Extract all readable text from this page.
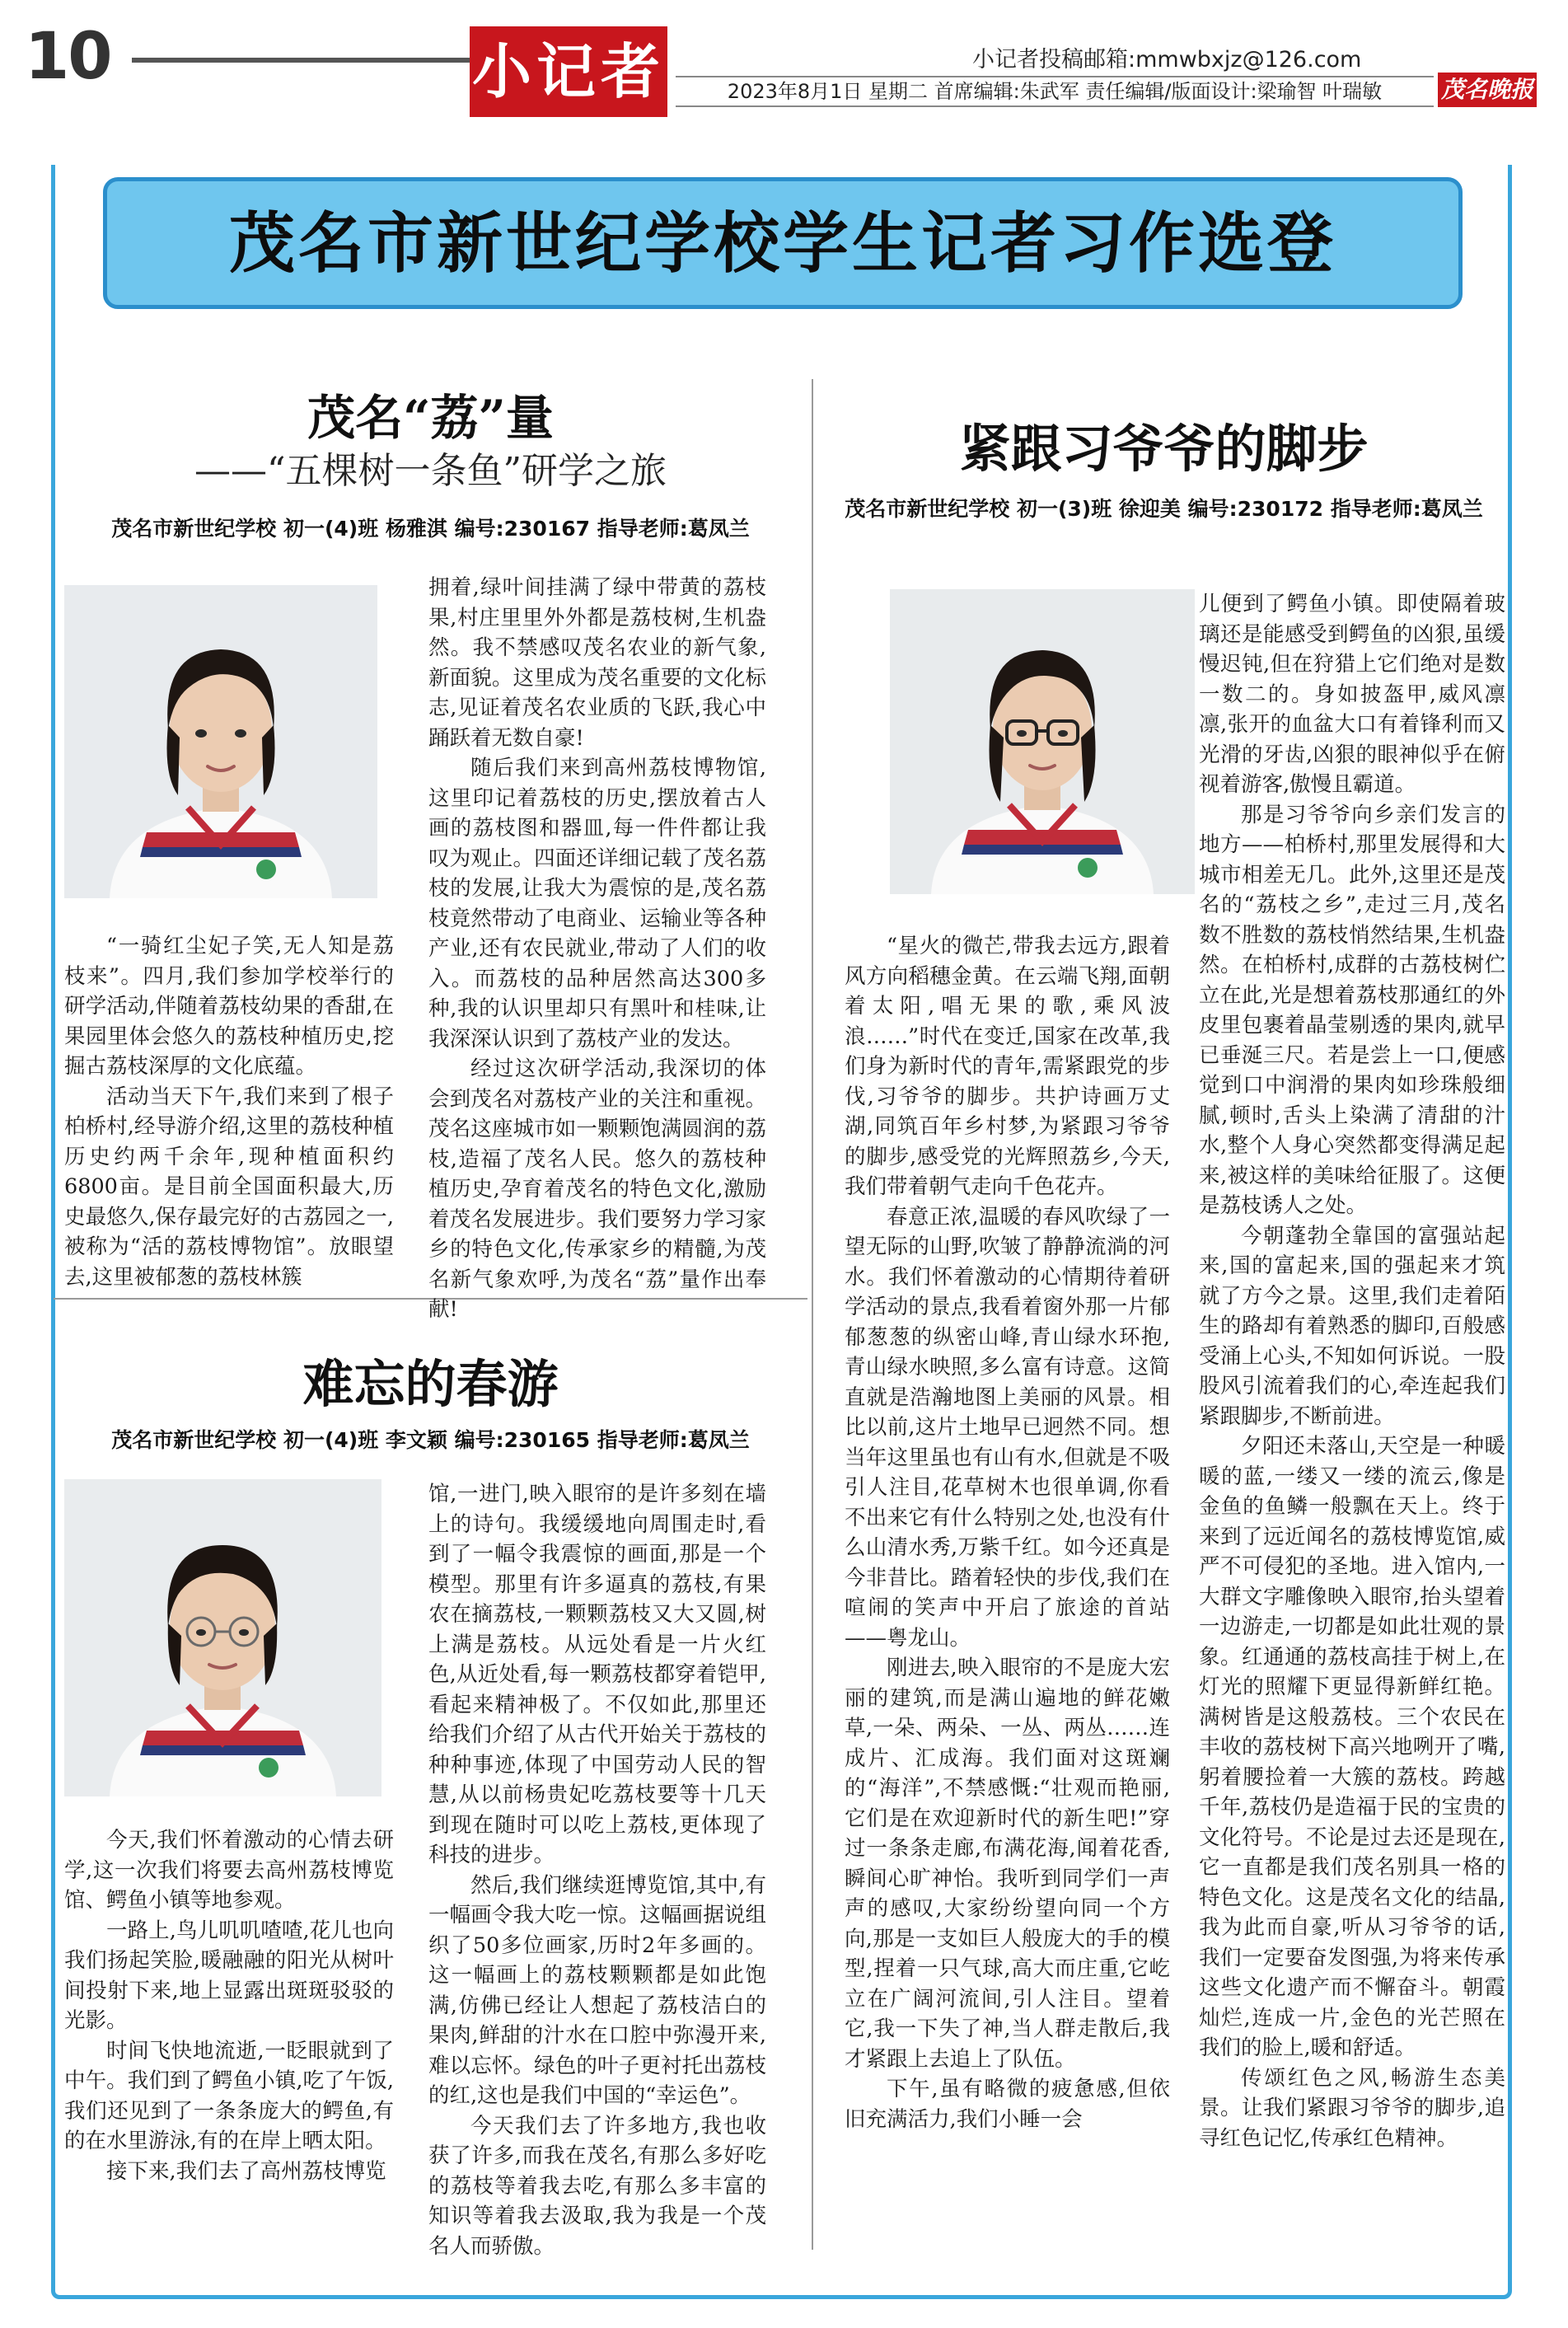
10	小记者	小记者投稿邮箱:mmwbxjz@126.com
2023年8月1日 星期二 首席编辑:朱武军 责任编辑/版面设计:梁瑜智 叶瑞敏	茂名晚报
茂名市新世纪学校学生记者习作选登
茂名“荔”量
——“五棵树一条鱼”研学之旅
茂名市新世纪学校 初一(4)班 杨雅淇 编号:230167 指导老师:葛凤兰

“一骑红尘妃子笑,无人知是荔枝来”。四月,我们参加学校举行的研学活动,伴随着荔枝幼果的香甜,在果园里体会悠久的荔枝种植历史,挖掘古荔枝深厚的文化底蕴。

活动当天下午,我们来到了根子柏桥村,经导游介绍,这里的荔枝种植历史约两千余年,现种植面积约6800亩。是目前全国面积最大,历史最悠久,保存最完好的古荔园之一,被称为“活的荔枝博物馆”。放眼望去,这里被郁葱的荔枝林簇

拥着,绿叶间挂满了绿中带黄的荔枝果,村庄里里外外都是荔枝树,生机盎然。我不禁感叹茂名农业的新气象,新面貌。这里成为茂名重要的文化标志,见证着茂名农业质的飞跃,我心中踊跃着无数自豪!

随后我们来到高州荔枝博物馆,这里印记着荔枝的历史,摆放着古人画的荔枝图和器皿,每一件件都让我叹为观止。四面还详细记载了茂名荔枝的发展,让我大为震惊的是,茂名荔枝竟然带动了电商业、运输业等各种产业,还有农民就业,带动了人们的收入。而荔枝的品种居然高达300多种,我的认识里却只有黑叶和桂味,让我深深认识到了荔枝产业的发达。

经过这次研学活动,我深切的体会到茂名对荔枝产业的关注和重视。茂名这座城市如一颗颗饱满圆润的荔枝,造福了茂名人民。悠久的荔枝种植历史,孕育着茂名的特色文化,激励着茂名发展进步。我们要努力学习家乡的特色文化,传承家乡的精髓,为茂名新气象欢呼,为茂名“荔”量作出奉献!

难忘的春游
茂名市新世纪学校 初一(4)班 李文颖 编号:230165 指导老师:葛凤兰

今天,我们怀着激动的心情去研学,这一次我们将要去高州荔枝博览馆、鳄鱼小镇等地参观。

一路上,鸟儿叽叽喳喳,花儿也向我们扬起笑脸,暖融融的阳光从树叶间投射下来,地上显露出斑斑驳驳的光影。

时间飞快地流逝,一眨眼就到了中午。我们到了鳄鱼小镇,吃了午饭,我们还见到了一条条庞大的鳄鱼,有的在水里游泳,有的在岸上晒太阳。

接下来,我们去了高州荔枝博览

馆,一进门,映入眼帘的是许多刻在墙上的诗句。我缓缓地向周围走时,看到了一幅令我震惊的画面,那是一个模型。那里有许多逼真的荔枝,有果农在摘荔枝,一颗颗荔枝又大又圆,树上满是荔枝。从远处看是一片火红色,从近处看,每一颗荔枝都穿着铠甲,看起来精神极了。不仅如此,那里还给我们介绍了从古代开始关于荔枝的种种事迹,体现了中国劳动人民的智慧,从以前杨贵妃吃荔枝要等十几天到现在随时可以吃上荔枝,更体现了科技的进步。

然后,我们继续逛博览馆,其中,有一幅画令我大吃一惊。这幅画据说组织了50多位画家,历时2年多画的。这一幅画上的荔枝颗颗都是如此饱满,仿佛已经让人想起了荔枝洁白的果肉,鲜甜的汁水在口腔中弥漫开来,难以忘怀。绿色的叶子更衬托出荔枝的红,这也是我们中国的“幸运色”。

今天我们去了许多地方,我也收获了许多,而我在茂名,有那么多好吃的荔枝等着我去吃,有那么多丰富的知识等着我去汲取,我为我是一个茂名人而骄傲。

紧跟习爷爷的脚步
茂名市新世纪学校 初一(3)班 徐迎美 编号:230172 指导老师:葛凤兰

“星火的微芒,带我去远方,跟着风方向稻穗金黄。在云端飞翔,面朝着太阳,唱无果的歌,乘风波浪……”时代在变迁,国家在改革,我们身为新时代的青年,需紧跟党的步伐,习爷爷的脚步。共护诗画万丈湖,同筑百年乡村梦,为紧跟习爷爷的脚步,感受党的光辉照荔乡,今天,我们带着朝气走向千色花卉。

春意正浓,温暖的春风吹绿了一望无际的山野,吹皱了静静流淌的河水。我们怀着激动的心情期待着研学活动的景点,我看着窗外那一片郁郁葱葱的纵密山峰,青山绿水环抱,青山绿水映照,多么富有诗意。这简直就是浩瀚地图上美丽的风景。相比以前,这片土地早已迥然不同。想当年这里虽也有山有水,但就是不吸引人注目,花草树木也很单调,你看不出来它有什么特别之处,也没有什么山清水秀,万紫千红。如今还真是今非昔比。踏着轻快的步伐,我们在喧闹的笑声中开启了旅途的首站——粤龙山。

刚进去,映入眼帘的不是庞大宏丽的建筑,而是满山遍地的鲜花嫩草,一朵、两朵、一丛、两丛……连成片、汇成海。我们面对这斑斓的“海洋”,不禁感慨:“壮观而艳丽,它们是在欢迎新时代的新生吧!”穿过一条条走廊,布满花海,闻着花香,瞬间心旷神怡。我听到同学们一声声的感叹,大家纷纷望向同一个方向,那是一支如巨人般庞大的手的模型,捏着一只气球,高大而庄重,它屹立在广阔河流间,引人注目。望着它,我一下失了神,当人群走散后,我才紧跟上去追上了队伍。

下午,虽有略微的疲惫感,但依旧充满活力,我们小睡一会

儿便到了鳄鱼小镇。即使隔着玻璃还是能感受到鳄鱼的凶狠,虽缓慢迟钝,但在狩猎上它们绝对是数一数二的。身如披盔甲,威风凛凛,张开的血盆大口有着锋利而又光滑的牙齿,凶狠的眼神似乎在俯视着游客,傲慢且霸道。

那是习爷爷向乡亲们发言的地方——柏桥村,那里发展得和大城市相差无几。此外,这里还是茂名的“荔枝之乡”,走过三月,茂名数不胜数的荔枝悄然结果,生机盎然。在柏桥村,成群的古荔枝树伫立在此,光是想着荔枝那通红的外皮里包裹着晶莹剔透的果肉,就早已垂涎三尺。若是尝上一口,便感觉到口中润滑的果肉如珍珠般细腻,顿时,舌头上染满了清甜的汁水,整个人身心突然都变得满足起来,被这样的美味给征服了。这便是荔枝诱人之处。

今朝蓬勃全靠国的富强站起来,国的富起来,国的强起来才筑就了方今之景。这里,我们走着陌生的路却有着熟悉的脚印,百般感受涌上心头,不知如何诉说。一股股风引流着我们的心,牵连起我们紧跟脚步,不断前进。

夕阳还未落山,天空是一种暖暖的蓝,一缕又一缕的流云,像是金鱼的鱼鳞一般飘在天上。终于来到了远近闻名的荔枝博览馆,威严不可侵犯的圣地。进入馆内,一大群文字雕像映入眼帘,抬头望着一边游走,一切都是如此壮观的景象。红通通的荔枝高挂于树上,在灯光的照耀下更显得新鲜红艳。满树皆是这般荔枝。三个农民在丰收的荔枝树下高兴地咧开了嘴,躬着腰捡着一大簇的荔枝。跨越千年,荔枝仍是造福于民的宝贵的文化符号。不论是过去还是现在,它一直都是我们茂名别具一格的特色文化。这是茂名文化的结晶,我为此而自豪,听从习爷爷的话,我们一定要奋发图强,为将来传承这些文化遗产而不懈奋斗。朝霞灿烂,连成一片,金色的光芒照在我们的脸上,暖和舒适。

传颂红色之风,畅游生态美景。让我们紧跟习爷爷的脚步,追寻红色记忆,传承红色精神。
